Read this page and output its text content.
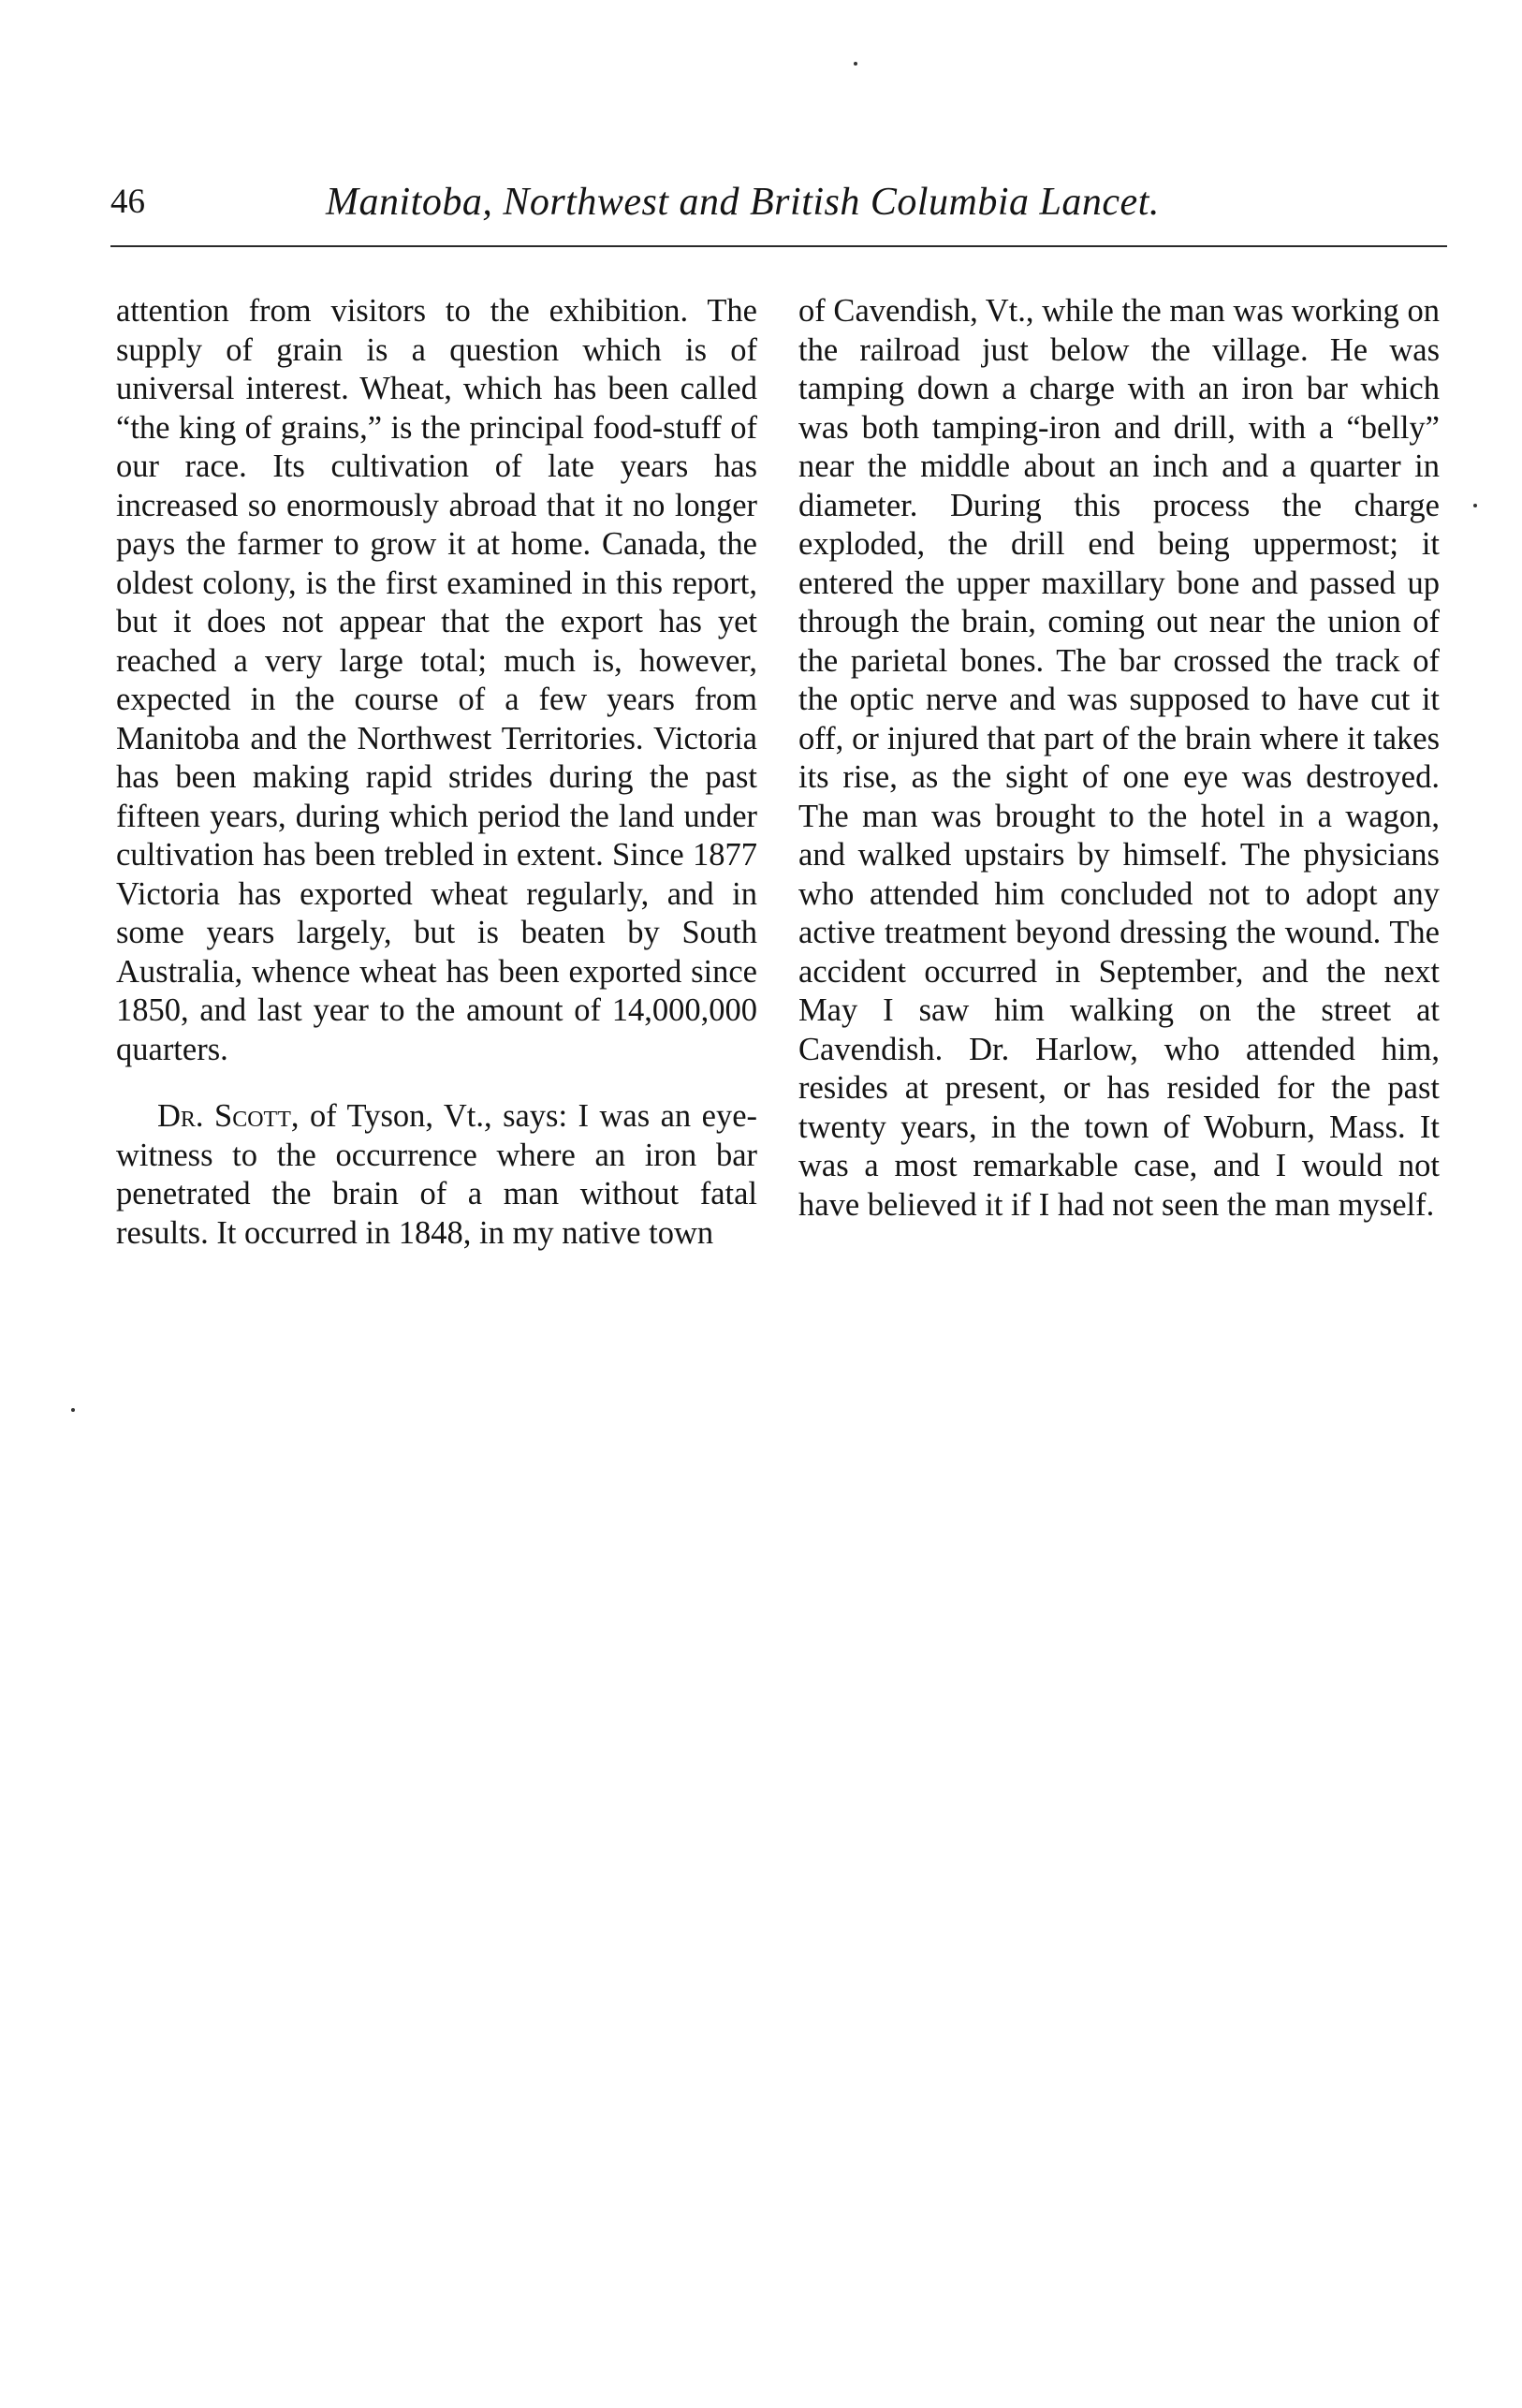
46	Manitoba, Northwest and British Columbia Lancet.

attention from visitors to the exhibition. The supply of grain is a question which is of universal interest. Wheat, which has been called “the king of grains,” is the principal food-stuff of our race. Its cultivation of late years has increased so enormously abroad that it no longer pays the farmer to grow it at home. Canada, the oldest colony, is the first examined in this report, but it does not appear that the export has yet reached a very large total; much is, however, expected in the course of a few years from Manitoba and the Northwest Territories. Victoria has been making rapid strides during the past fifteen years, during which period the land under cultivation has been trebled in extent. Since 1877 Victoria has exported wheat regularly, and in some years largely, but is beaten by South Australia, whence wheat has been exported since 1850, and last year to the amount of 14,000,000 quarters.

Dr. Scott, of Tyson, Vt., says: I was an eye-witness to the occurrence where an iron bar penetrated the brain of a man without fatal results. It occurred in 1848, in my native town

of Cavendish, Vt., while the man was working on the railroad just below the village. He was tamping down a charge with an iron bar which was both tamping-iron and drill, with a “belly” near the middle about an inch and a quarter in diameter. During this process the charge exploded, the drill end being uppermost; it entered the upper maxillary bone and passed up through the brain, coming out near the union of the parietal bones. The bar crossed the track of the optic nerve and was supposed to have cut it off, or injured that part of the brain where it takes its rise, as the sight of one eye was destroyed. The man was brought to the hotel in a wagon, and walked upstairs by himself. The physicians who attended him concluded not to adopt any active treatment beyond dressing the wound. The accident occurred in September, and the next May I saw him walking on the street at Cavendish. Dr. Harlow, who attended him, resides at present, or has resided for the past twenty years, in the town of Woburn, Mass. It was a most remarkable case, and I would not have believed it if I had not seen the man myself.
